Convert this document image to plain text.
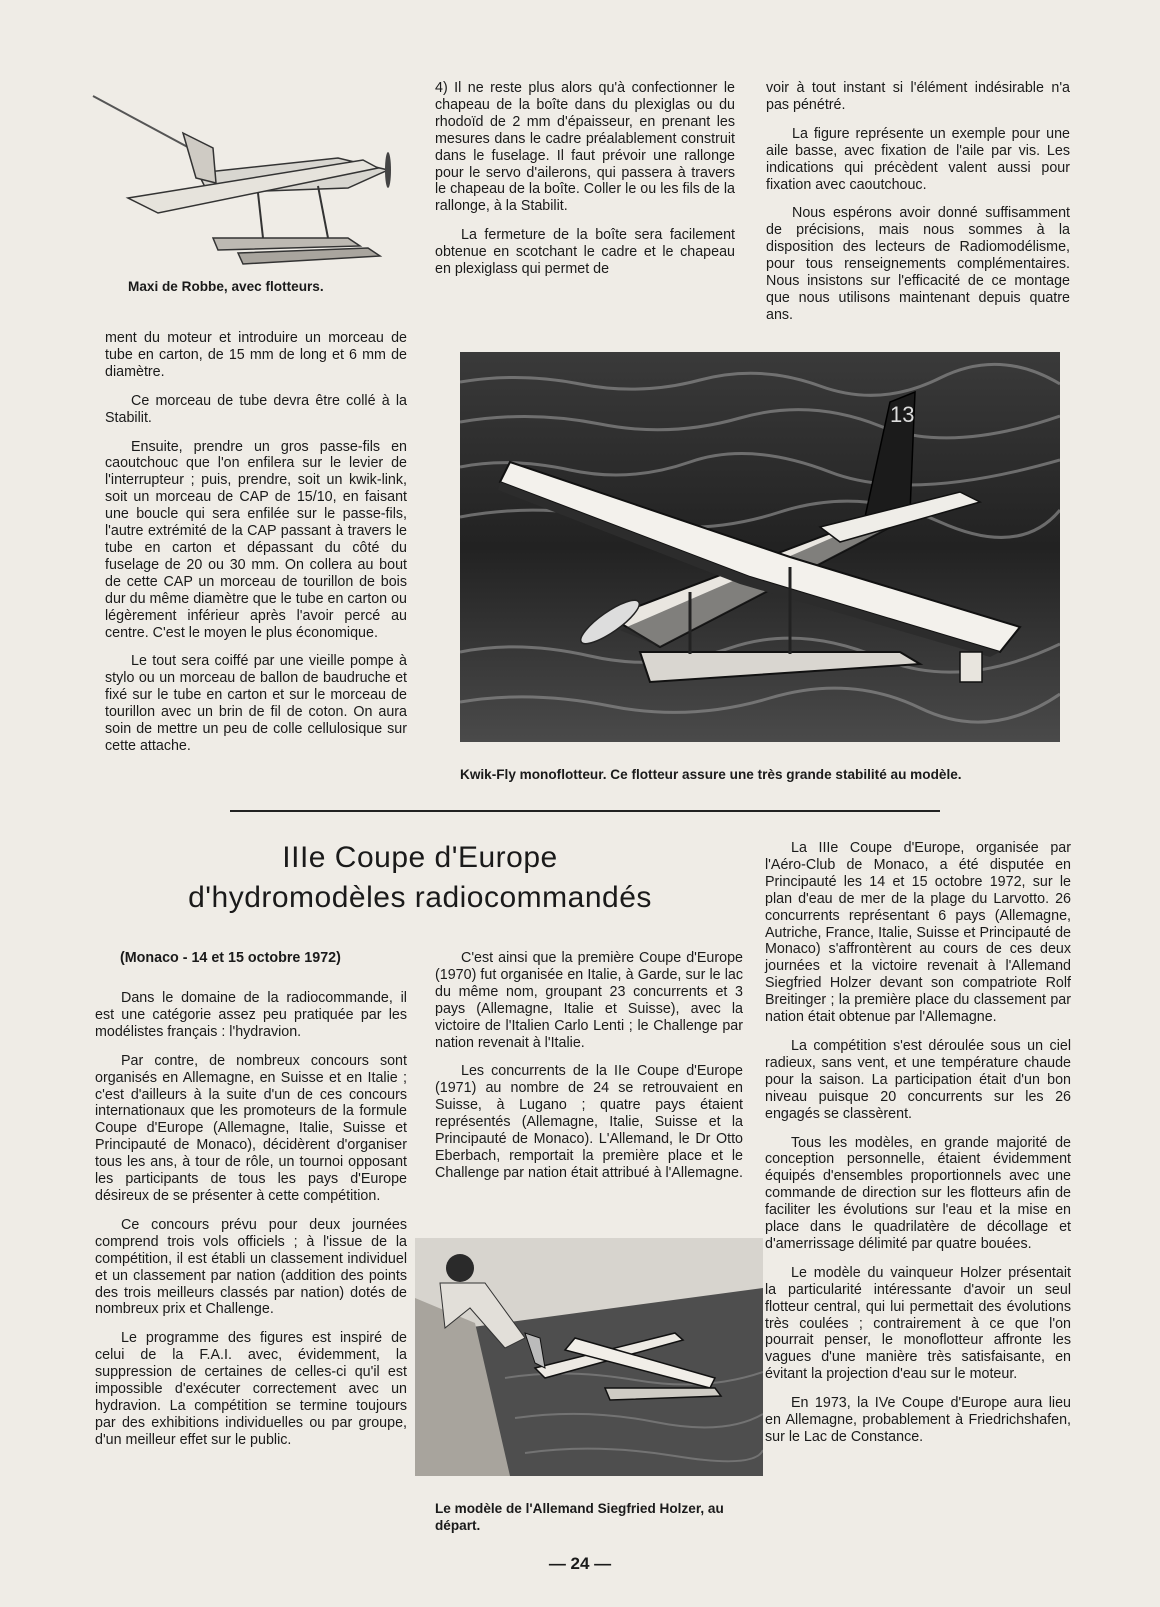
Maxi de Robbe, avec flotteurs.

ment du moteur et introduire un morceau de tube en carton, de 15 mm de long et 6 mm de diamètre.

Ce morceau de tube devra être collé à la Stabilit.

Ensuite, prendre un gros passe-fils en caoutchouc que l'on enfilera sur le levier de l'interrupteur ; puis, prendre, soit un kwik-link, soit un morceau de CAP de 15/10, en faisant une boucle qui sera enfilée sur le passe-fils, l'autre extrémité de la CAP passant à travers le tube en carton et dépassant du côté du fuselage de 20 ou 30 mm. On collera au bout de cette CAP un morceau de tourillon de bois dur du même diamètre que le tube en carton ou légèrement inférieur après l'avoir percé au centre. C'est le moyen le plus économique.

Le tout sera coiffé par une vieille pompe à stylo ou un morceau de ballon de baudruche et fixé sur le tube en carton et sur le morceau de tourillon avec un brin de fil de coton. On aura soin de mettre un peu de colle cellulosique sur cette attache.

4) Il ne reste plus alors qu'à confectionner le chapeau de la boîte dans du plexiglas ou du rhodoïd de 2 mm d'épaisseur, en prenant les mesures dans le cadre préalablement construit dans le fuselage. Il faut prévoir une rallonge pour le servo d'ailerons, qui passera à travers le chapeau de la boîte. Coller le ou les fils de la rallonge, à la Stabilit.

La fermeture de la boîte sera facilement obtenue en scotchant le cadre et le chapeau en plexiglass qui permet de

voir à tout instant si l'élément indésirable n'a pas pénétré.

La figure représente un exemple pour une aile basse, avec fixation de l'aile par vis. Les indications qui précèdent valent aussi pour fixation avec caoutchouc.

Nous espérons avoir donné suffisamment de précisions, mais nous sommes à la disposition des lecteurs de Radiomodélisme, pour tous renseignements complémentaires. Nous insistons sur l'efficacité de ce montage que nous utilisons maintenant depuis quatre ans.

13
Kwik-Fly monoflotteur. Ce flotteur assure une très grande stabilité au modèle.
IIIe Coupe d'Europe
d'hydromodèles radiocommandés
(Monaco - 14 et 15 octobre 1972)

Dans le domaine de la radiocommande, il est une catégorie assez peu pratiquée par les modélistes français : l'hydravion.

Par contre, de nombreux concours sont organisés en Allemagne, en Suisse et en Italie ; c'est d'ailleurs à la suite d'un de ces concours internationaux que les promoteurs de la formule Coupe d'Europe (Allemagne, Italie, Suisse et Principauté de Monaco), décidèrent d'organiser tous les ans, à tour de rôle, un tournoi opposant les participants de tous les pays d'Europe désireux de se présenter à cette compétition.

Ce concours prévu pour deux journées comprend trois vols officiels ; à l'issue de la compétition, il est établi un classement individuel et un classement par nation (addition des points des trois meilleurs classés par nation) dotés de nombreux prix et Challenge.

Le programme des figures est inspiré de celui de la F.A.I. avec, évidemment, la suppression de certaines de celles-ci qu'il est impossible d'exécuter correctement avec un hydravion. La compétition se termine toujours par des exhibitions individuelles ou par groupe, d'un meilleur effet sur le public.

C'est ainsi que la première Coupe d'Europe (1970) fut organisée en Italie, à Garde, sur le lac du même nom, groupant 23 concurrents et 3 pays (Allemagne, Italie et Suisse), avec la victoire de l'Italien Carlo Lenti ; le Challenge par nation revenait à l'Italie.

Les concurrents de la IIe Coupe d'Europe (1971) au nombre de 24 se retrouvaient en Suisse, à Lugano ; quatre pays étaient représentés (Allemagne, Italie, Suisse et la Principauté de Monaco). L'Allemand, le Dr Otto Eberbach, remportait la première place et le Challenge par nation était attribué à l'Allemagne.

Le modèle de l'Allemand Siegfried Holzer, au départ.

La IIIe Coupe d'Europe, organisée par l'Aéro-Club de Monaco, a été disputée en Principauté les 14 et 15 octobre 1972, sur le plan d'eau de mer de la plage du Larvotto. 26 concurrents représentant 6 pays (Allemagne, Autriche, France, Italie, Suisse et Principauté de Monaco) s'affrontèrent au cours de ces deux journées et la victoire revenait à l'Allemand Siegfried Holzer devant son compatriote Rolf Breitinger ; la première place du classement par nation était obtenue par l'Allemagne.

La compétition s'est déroulée sous un ciel radieux, sans vent, et une température chaude pour la saison. La participation était d'un bon niveau puisque 20 concurrents sur les 26 engagés se classèrent.

Tous les modèles, en grande majorité de conception personnelle, étaient évidemment équipés d'ensembles proportionnels avec une commande de direction sur les flotteurs afin de faciliter les évolutions sur l'eau et la mise en place dans le quadrilatère de décollage et d'amerrissage délimité par quatre bouées.

Le modèle du vainqueur Holzer présentait la particularité intéressante d'avoir un seul flotteur central, qui lui permettait des évolutions très coulées ; contrairement à ce que l'on pourrait penser, le monoflotteur affronte les vagues d'une manière très satisfaisante, en évitant la projection d'eau sur le moteur.

En 1973, la IVe Coupe d'Europe aura lieu en Allemagne, probablement à Friedrichshafen, sur le Lac de Constance.

— 24 —
